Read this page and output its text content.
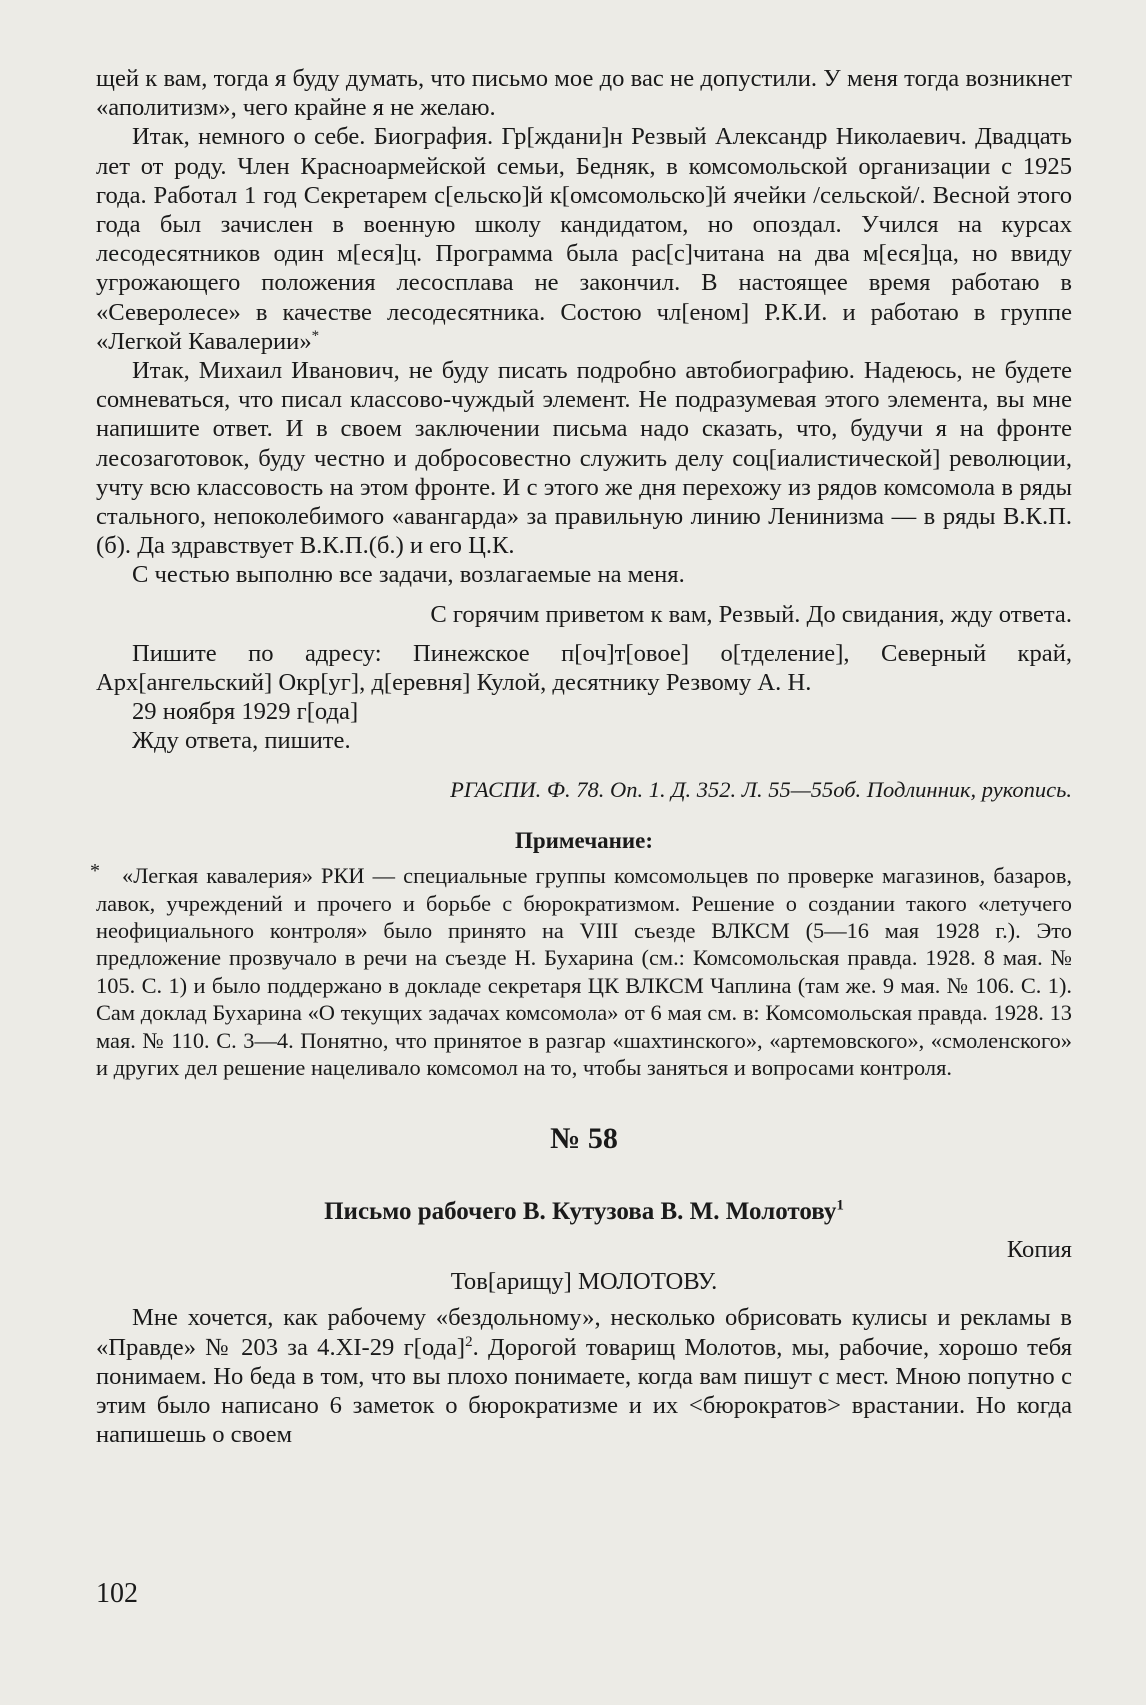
щей к вам, тогда я буду думать, что письмо мое до вас не допустили. У меня тогда возникнет «аполитизм», чего крайне я не желаю.

Итак, немного о себе. Биография. Гр[ждани]н Резвый Александр Николаевич. Двадцать лет от роду. Член Красноармейской семьи, Бедняк, в комсомольской организации с 1925 года. Работал 1 год Секретарем с[ельско]й к[омсомольско]й ячейки /сельской/. Весной этого года был зачислен в военную школу кандидатом, но опоздал. Учился на курсах лесодесятников один м[еся]ц. Программа была рас[с]читана на два м[еся]ца, но ввиду угрожающего положения лесосплава не закончил. В настоящее время работаю в «Северолесе» в качестве лесодесятника. Состою чл[еном] Р.К.И. и работаю в группе «Легкой Кавалерии»*

Итак, Михаил Иванович, не буду писать подробно автобиографию. Надеюсь, не будете сомневаться, что писал классово-чуждый элемент. Не подразумевая этого элемента, вы мне напишите ответ. И в своем заключении письма надо сказать, что, будучи я на фронте лесозаготовок, буду честно и добросовестно служить делу соц[иалистической] революции, учту всю классовость на этом фронте. И с этого же дня перехожу из рядов комсомола в ряды стального, непоколебимого «авангарда» за правильную линию Ленинизма — в ряды В.К.П.(б). Да здравствует В.К.П.(б.) и его Ц.К.

С честью выполню все задачи, возлагаемые на меня.

С горячим приветом к вам, Резвый. До свидания, жду ответа.

Пишите по адресу: Пинежское п[оч]т[овое] о[тделение], Северный край, Арх[ангельский] Окр[уг], д[еревня] Кулой, десятнику Резвому А. Н.

29 ноября 1929 г[ода]

Жду ответа, пишите.

РГАСПИ. Ф. 78. Оп. 1. Д. 352. Л. 55—55об. Подлинник, рукопись.

Примечание:

* «Легкая кавалерия» РКИ — специальные группы комсомольцев по проверке магазинов, базаров, лавок, учреждений и прочего и борьбе с бюрократизмом. Решение о создании такого «летучего неофициального контроля» было принято на VIII съезде ВЛКСМ (5—16 мая 1928 г.). Это предложение прозвучало в речи на съезде Н. Бухарина (см.: Комсомольская правда. 1928. 8 мая. № 105. С. 1) и было поддержано в докладе секретаря ЦК ВЛКСМ Чаплина (там же. 9 мая. № 106. С. 1). Сам доклад Бухарина «О текущих задачах комсомола» от 6 мая см. в: Комсомольская правда. 1928. 13 мая. № 110. С. 3—4. Понятно, что принятое в разгар «шахтинского», «артемовского», «смоленского» и других дел решение нацеливало комсомол на то, чтобы заняться и вопросами контроля.

№ 58
Письмо рабочего В. Кутузова В. М. Молотову$^1$
Копия
Тов[арищу] МОЛОТОВУ.

Мне хочется, как рабочему «бездольному», несколько обрисовать кулисы и рекламы в «Правде» № 203 за 4.XI-29 г[ода]$^2$. Дорогой товарищ Молотов, мы, рабочие, хорошо тебя понимаем. Но беда в том, что вы плохо понимаете, когда вам пишут с мест. Мною попутно с этим было написано 6 заметок о бюрократизме и их <бюрократов> врастании. Но когда напишешь о своем

102
